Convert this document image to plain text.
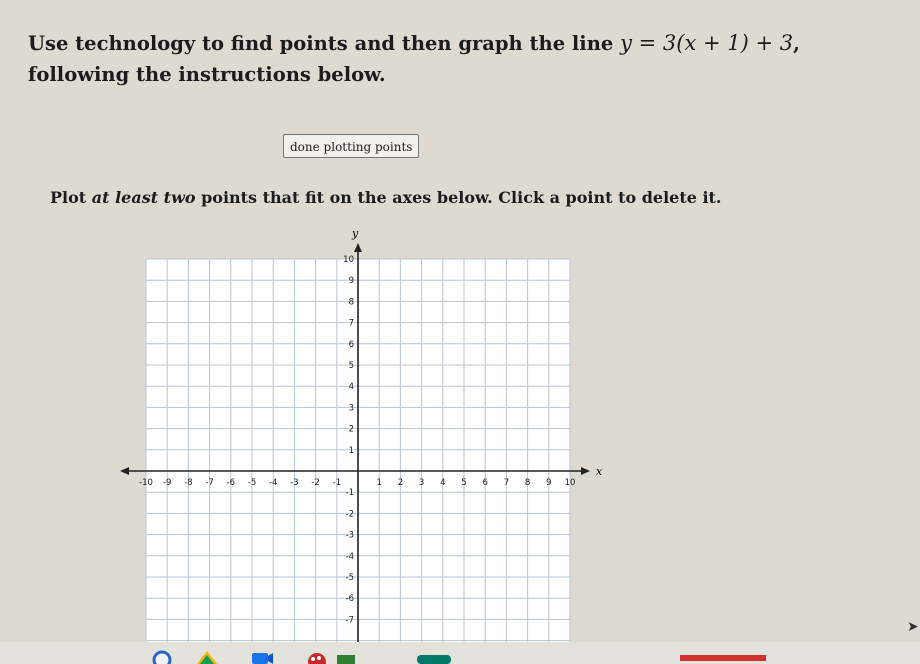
Use technology to find points and then graph the line y = 3(x + 1) + 3, following the instructions below.
done plotting points
Plot at least two points that fit on the axes below. Click a point to delete it.
-10 -9 -8 -7 -6 -5 -4 -3 -2 -1	1 2 3 4 5 6 7 8 9 10
10
9
8
7
6
5
4
3
2
1
-1
-2
-3
-4
-5
-6
-7
x
y
➤
